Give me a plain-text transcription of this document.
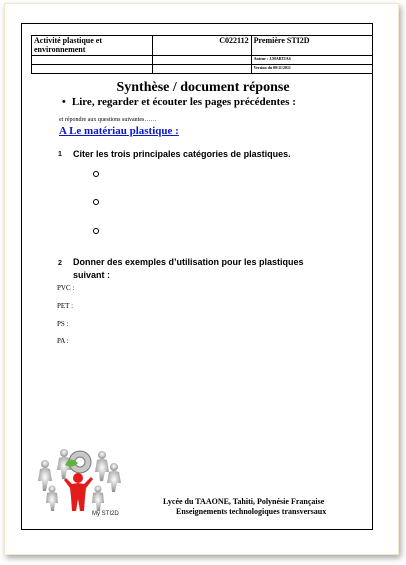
Activité plastique et environnement	C022112	Première STI2D
		Auteur : J.MARTIAS
		Version du 00/11/2011
Synthèse / document réponse
• Lire, regarder et écouter les pages précédentes :
et répondre aux questions suivantes……
A Le matériau plastique :
1 Citer les trois principales catégories de plastiques.
2 Donner des exemples d’utilisation pour les plastiques
suivant :
PVC :
PET :
PS :
PA :
My STI2D
Lycée du TAAONE, Tahiti, Polynésie Française
Enseignements technologiques transversaux
